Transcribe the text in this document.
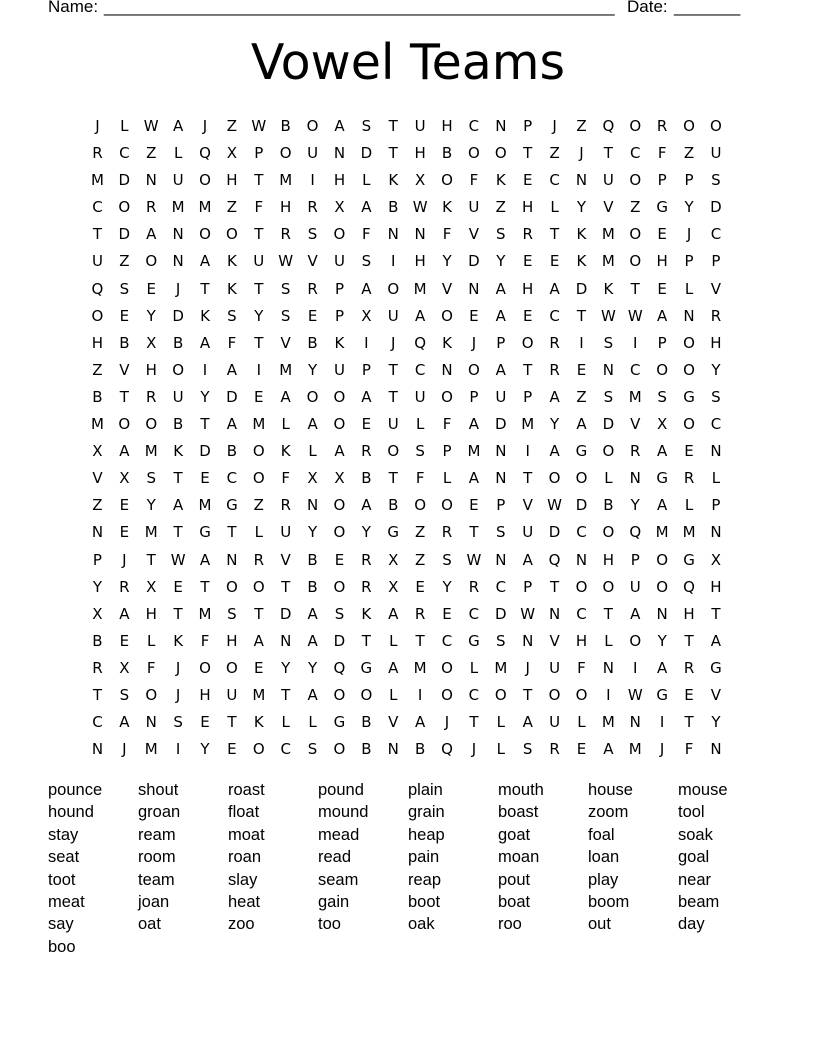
Name: ______________________________________________________ Date: _______
Vowel Teams
J	L	W A	J	Z W B	O	A	S	T	U	H	C	N	P	J	Z	Q	O	R	O	O
R	C	Z	L	Q	X	P	O	U	N	D	T	H	B	O	O	T	Z	J	T	C	F	Z	U
M D	N	U	O	H	T	M	I	H	L	K	X	O	F	K	E	C	N	U	O	P	P	S
C	O	R	M M	Z	F	H	R	X	A	B W K	U	Z	H	L	Y	V	Z	G	Y	D
T	D	A	N	O	O	T	R	S	O	F	N	N	F	V	S	R	T	K	M O	E	J	C
U	Z	O	N	A	K	U W V	U	S	I	H	Y	D	Y	E	E	K	M O	H	P	P
Q	S	E	J	T	K	T	S	R	P	A	O M	V	N	A	H	A	D	K	T	E	L	V
O	E	Y	D	K	S	Y	S	E	P	X	U	A	O	E	A	E	C	T W W A	N	R
H	B	X	B	A	F	T	V	B	K	I	J	Q	K	J	P	O	R	I	S	I	P	O	H
Z	V	H	O	I	A	I	M	Y	U	P	T	C	N	O	A	T	R	E	N	C	O	O	Y
B	T	R	U	Y	D	E	A	O	O	A	T	U	O	P	U	P	A	Z	S	M	S	G	S
M O	O	B	T	A	M	L	A	O	E	U	L	F	A	D M	Y	A	D	V	X	O	C
X	A	M	K	D	B	O	K	L	A	R	O	S	P	M N	I	A	G	O	R	A	E	N
V	X	S	T	E	C	O	F	X	X	B	T	F	L	A	N	T	O	O	L	N	G	R	L
Z	E	Y	A	M G	Z	R	N	O	A	B	O	O	E	P	V W D	B	Y	A	L	P
N	E	M	T	G	T	L	U	Y	O	Y	G	Z	R	T	S	U	D	C	O	Q M M N
P	J	T W A	N	R	V	B	E	R	X	Z	S W N	A	Q	N	H	P	O	G	X
Y	R	X	E	T	O	O	T	B	O	R	X	E	Y	R	C	P	T	O	O	U	O	Q	H
X	A	H	T	M	S	T	D	A	S	K	A	R	E	C	D W N	C	T	A	N	H	T
B	E	L	K	F	H	A	N	A	D	T	L	T	C	G	S	N	V	H	L	O	Y	T	A
R	X	F	J	O	O	E	Y	Y	Q	G	A	M O	L	M	J	U	F	N	I	A	R	G
T	S	O	J	H	U M	T	A	O	O	L	I	O	C	O	T	O	O	I	W G	E	V
C	A	N	S	E	T	K	L	L	G	B	V	A	J	T	L	A	U	L	M N	I	T	Y
N	J	M	I	Y	E	O	C	S	O	B	N	B	Q	J	L	S	R	E	A	M	J	F	N
pounce	shout	roast	pound	plain	mouth	house	mouse
hound	groan	float	mound	grain	boast	zoom	tool
stay	ream	moat	mead	heap	goat	foal	soak
seat	room	roan	read	pain	moan	loan	goal
toot	team	slay	seam	reap	pout	play	near
meat	joan	heat	gain	boot	boat	boom	beam
say	oat	zoo	too	oak	roo	out	day
boo
